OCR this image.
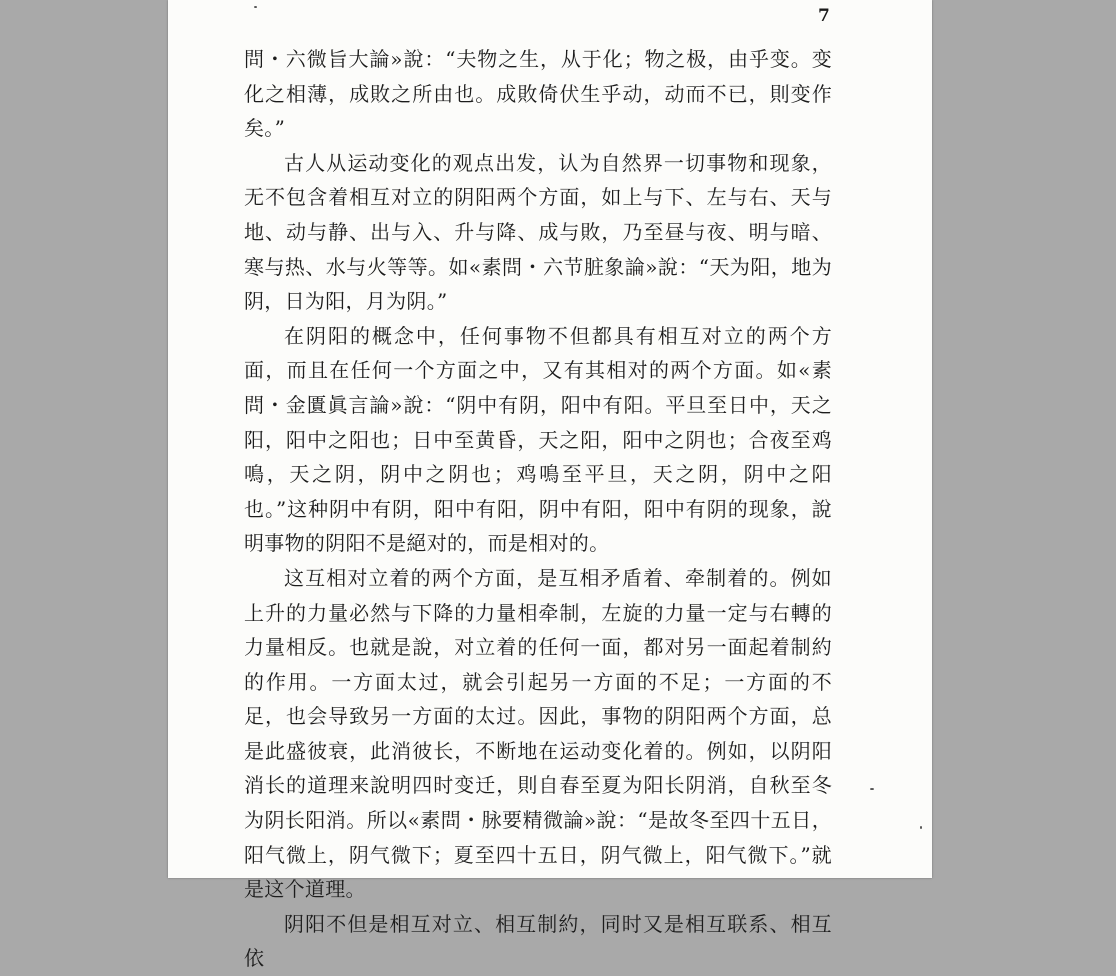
7

問・六微旨大論»說：“夫物之生，从于化；物之极，由乎变。变化之相薄，成敗之所由也。成敗倚伏生乎动，动而不已，則变作矣。”

古人从运动变化的观点出发，认为自然界一切事物和现象，无不包含着相互对立的阴阳两个方面，如上与下、左与右、天与地、动与静、出与入、升与降、成与敗，乃至昼与夜、明与暗、寒与热、水与火等等。如«素問・六节脏象論»說：“天为阳，地为阴，日为阳，月为阴。”

在阴阳的概念中，任何事物不但都具有相互对立的两个方面，而且在任何一个方面之中，又有其相对的两个方面。如«素問・金匱眞言論»說：“阴中有阴，阳中有阳。平旦至日中，天之阳，阳中之阳也；日中至黄昏，天之阳，阳中之阴也；合夜至鸡鳴，天之阴，阴中之阴也；鸡鳴至平旦，天之阴，阴中之阳也。”这种阴中有阴，阳中有阳，阴中有阳，阳中有阴的现象，說明事物的阴阳不是絕对的，而是相对的。

这互相对立着的两个方面，是互相矛盾着、牵制着的。例如上升的力量必然与下降的力量相牵制，左旋的力量一定与右轉的力量相反。也就是說，对立着的任何一面，都对另一面起着制約的作用。一方面太过，就会引起另一方面的不足；一方面的不足，也会导致另一方面的太过。因此，事物的阴阳两个方面，总是此盛彼衰，此消彼长，不断地在运动变化着的。例如，以阴阳消长的道理来說明四时变迁，則自春至夏为阳长阴消，自秋至冬为阴长阳消。所以«素問・脉要精微論»說：“是故冬至四十五日，阳气微上，阴气微下；夏至四十五日，阴气微上，阳气微下。”就是这个道理。

阴阳不但是相互对立、相互制約，同时又是相互联系、相互依
